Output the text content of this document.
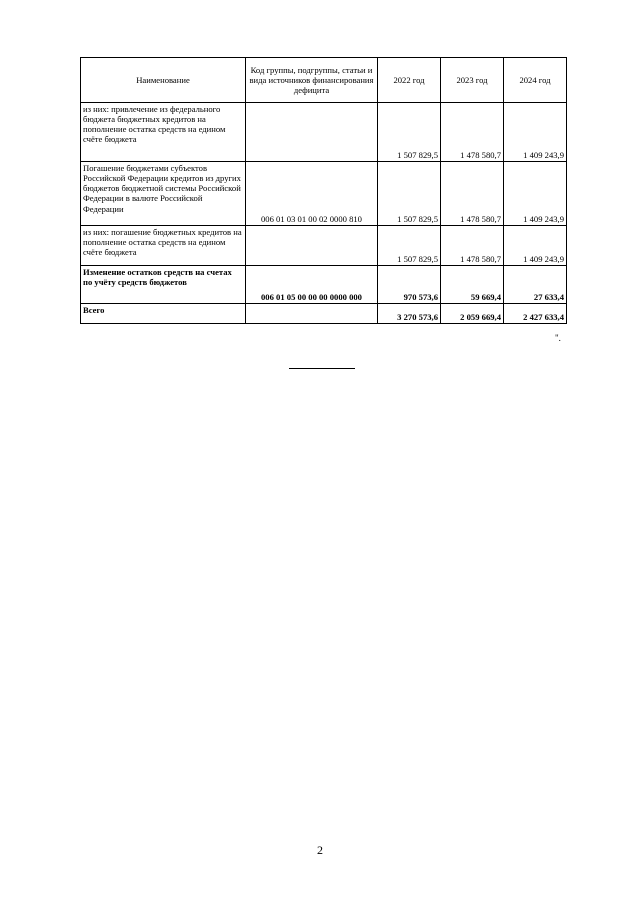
Наименование	Код группы, подгруппы, статьи и вида источников финансирования дефицита	2022 год	2023 год	2024 год
из них: привлечение из федерального бюджета бюджетных кредитов на пополнение остатка средств на едином счёте бюджета		1 507 829,5	1 478 580,7	1 409 243,9
Погашение бюджетами субъектов Российской Федерации кредитов из других бюджетов бюджетной системы Российской Федерации в валюте Российской Федерации	006 01 03 01 00 02 0000 810	1 507 829,5	1 478 580,7	1 409 243,9
из них: погашение бюджетных кредитов на пополнение остатка средств на едином счёте бюджета		1 507 829,5	1 478 580,7	1 409 243,9
Изменение остатков средств на счетах по учёту средств бюджетов	006 01 05 00 00 00 0000 000	970 573,6	59 669,4	27 633,4
Всего		3 270 573,6	2 059 669,4	2 427 633,4
".
2
